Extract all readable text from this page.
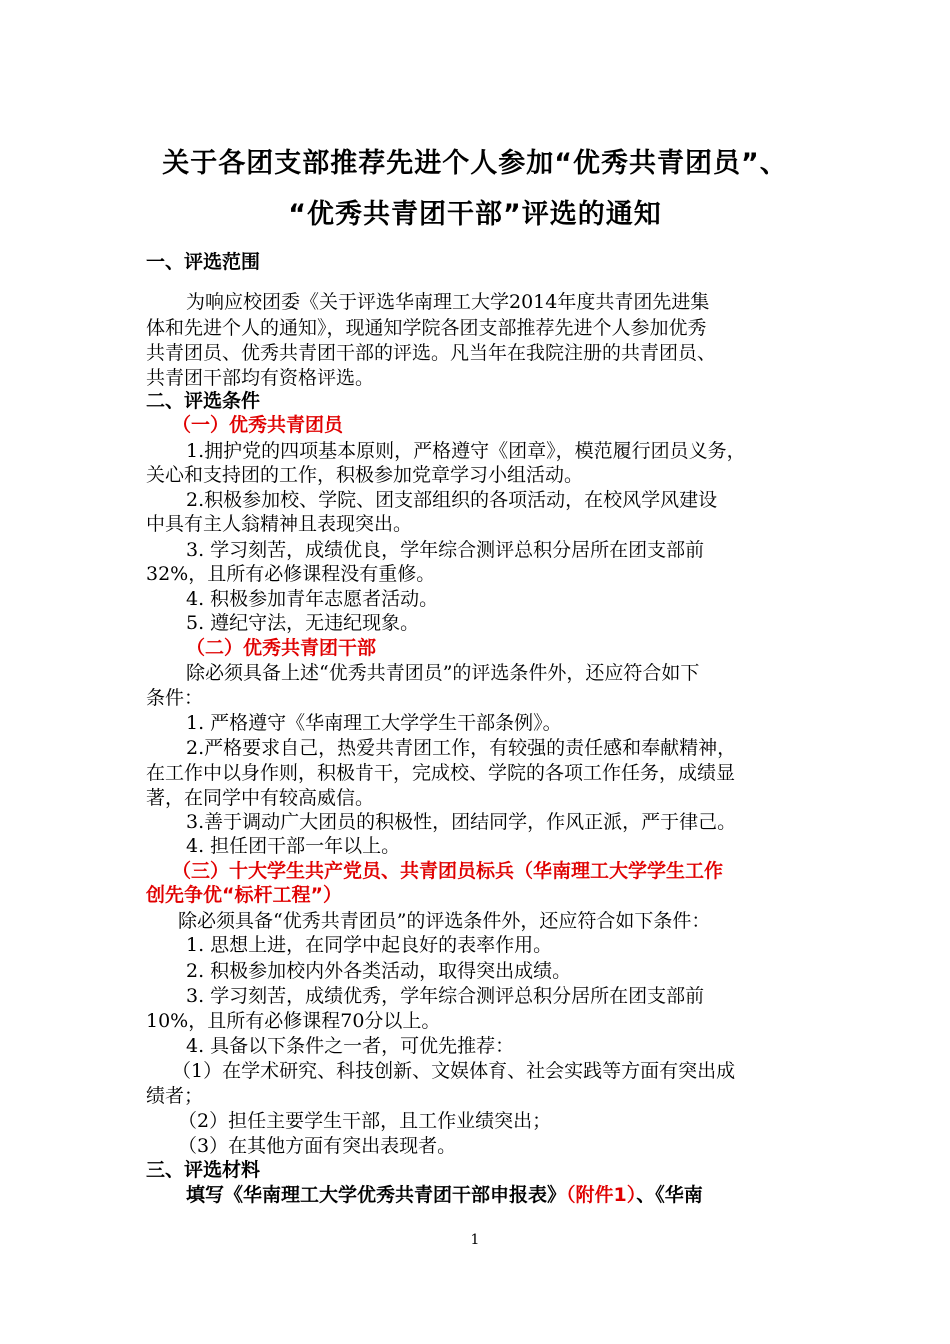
关于各团支部推荐先进个人参加“优秀共青团员”、
“优秀共青团干部”评选的通知
一、评选范围
为响应校团委《关于评选华南理工大学2014年度共青团先进集
体和先进个人的通知》，现通知学院各团支部推荐先进个人参加优秀
共青团员、优秀共青团干部的评选。凡当年在我院注册的共青团员、
共青团干部均有资格评选。
二、评选条件
（一）优秀共青团员
1.拥护党的四项基本原则，严格遵守《团章》，模范履行团员义务，
关心和支持团的工作，积极参加党章学习小组活动。
2.积极参加校、学院、团支部组织的各项活动，在校风学风建设
中具有主人翁精神且表现突出。
3. 学习刻苦，成绩优良，学年综合测评总积分居所在团支部前
32%，且所有必修课程没有重修。
4. 积极参加青年志愿者活动。
5. 遵纪守法，无违纪现象。
（二）优秀共青团干部
除必须具备上述“优秀共青团员”的评选条件外，还应符合如下
条件：
1. 严格遵守《华南理工大学学生干部条例》。
2.严格要求自己，热爱共青团工作，有较强的责任感和奉献精神，
在工作中以身作则，积极肯干，完成校、学院的各项工作任务，成绩显
著，在同学中有较高威信。
3.善于调动广大团员的积极性，团结同学，作风正派，严于律己。
4. 担任团干部一年以上。
（三）十大学生共产党员、共青团员标兵（华南理工大学学生工作
创先争优“标杆工程”）
除必须具备“优秀共青团员”的评选条件外，还应符合如下条件：
1. 思想上进，在同学中起良好的表率作用。
2. 积极参加校内外各类活动，取得突出成绩。
3. 学习刻苦，成绩优秀，学年综合测评总积分居所在团支部前
10%，且所有必修课程70分以上。
4. 具备以下条件之一者，可优先推荐：
（1）在学术研究、科技创新、文娱体育、社会实践等方面有突出成
绩者；
（2）担任主要学生干部，且工作业绩突出；
（3）在其他方面有突出表现者。
三、评选材料
填写《华南理工大学优秀共青团干部申报表》（附件1）、《华南
1
